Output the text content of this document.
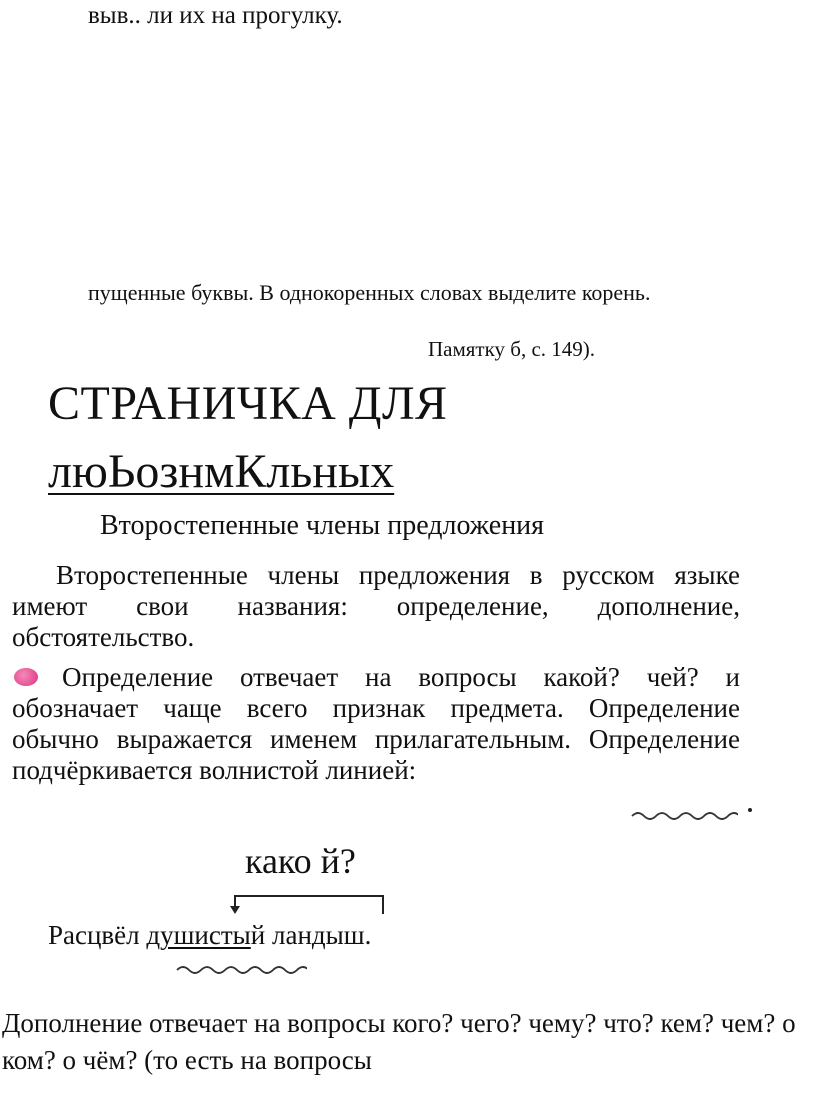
выв.. ли их на прогулку.
пущенные буквы. В однокоренных словах выделите корень.
Памятку б, с. 149).
СТРАНИЧКА ДЛЯ
люЬознмКльных
Второстепенные члены предложения
Второстепенные члены предложения в русском языке имеют свои названия: определение, дополнение, обстоятельство.
Определение отвечает на вопросы какой? чей? и обозначает чаще всего признак предмета. Определение обычно выражается именем прилагательным. Определение подчёркивается волнистой линией:
како й?
Расцвёл душистый ландыш.
Дополнение отвечает на вопросы кого? чего? чему? что? кем? чем? о ком? о чём? (то есть на вопросы
